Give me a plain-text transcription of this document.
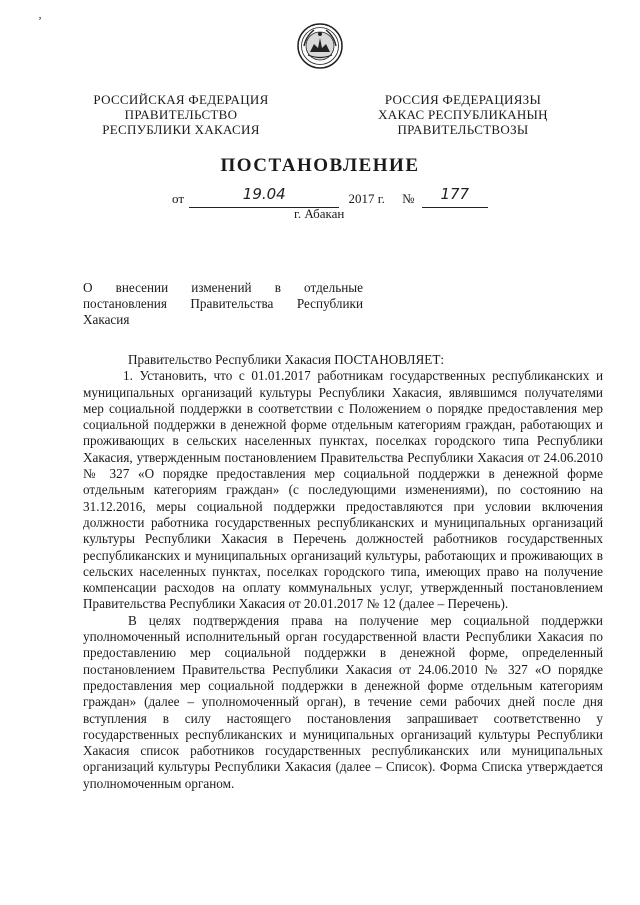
ʼ
РОССИЙСКАЯ ФЕДЕРАЦИЯ
ПРАВИТЕЛЬСТВО
РЕСПУБЛИКИ ХАКАСИЯ
РОССИЯ ФЕДЕРАЦИЯЗЫ
ХАКАС РЕСПУБЛИКАНЫҢ
ПРАВИТЕЛЬСТВОЗЫ
ПОСТАНОВЛЕНИЕ
от	19.04	2017 г. № 177
г. Абакан
О внесении изменений в отдельные постановления Правительства Республики Хакасия

Правительство Республики Хакасия ПОСТАНОВЛЯЕТ:

1. Установить, что с 01.01.2017 работникам государственных республиканских и муниципальных организаций культуры Республики Хакасия, являвшимся получателями мер социальной поддержки в соответствии с Положением о порядке предоставления мер социальной поддержки в денежной форме отдельным категориям граждан, работающих и проживающих в сельских населенных пунктах, поселках городского типа Республики Хакасия, утвержденным постановлением Правительства Республики Хакасия от 24.06.2010 № 327 «О порядке предоставления мер социальной поддержки в денежной форме отдельным категориям граждан» (с последующими изменениями), по состоянию на 31.12.2016, меры социальной поддержки предоставляются при условии включения должности работника государственных республиканских и муниципальных организаций культуры Республики Хакасия в Перечень должностей работников государственных республиканских и муниципальных организаций культуры, работающих и проживающих в сельских населенных пунктах, поселках городского типа, имеющих право на получение компенсации расходов на оплату коммунальных услуг, утвержденный постановлением Правительства Республики Хакасия от 20.01.2017 № 12 (далее – Перечень).

В целях подтверждения права на получение мер социальной поддержки уполномоченный исполнительный орган государственной власти Республики Хакасия по предоставлению мер социальной поддержки в денежной форме, определенный постановлением Правительства Республики Хакасия от 24.06.2010 № 327 «О порядке предоставления мер социальной поддержки в денежной форме отдельным категориям граждан» (далее – уполномоченный орган), в течение семи рабочих дней после дня вступления в силу настоящего постановления запрашивает соответственно у государственных республиканских и муниципальных организаций культуры Республики Хакасия список работников государственных республиканских или муниципальных организаций культуры Республики Хакасия (далее – Список). Форма Списка утверждается уполномоченным органом.
